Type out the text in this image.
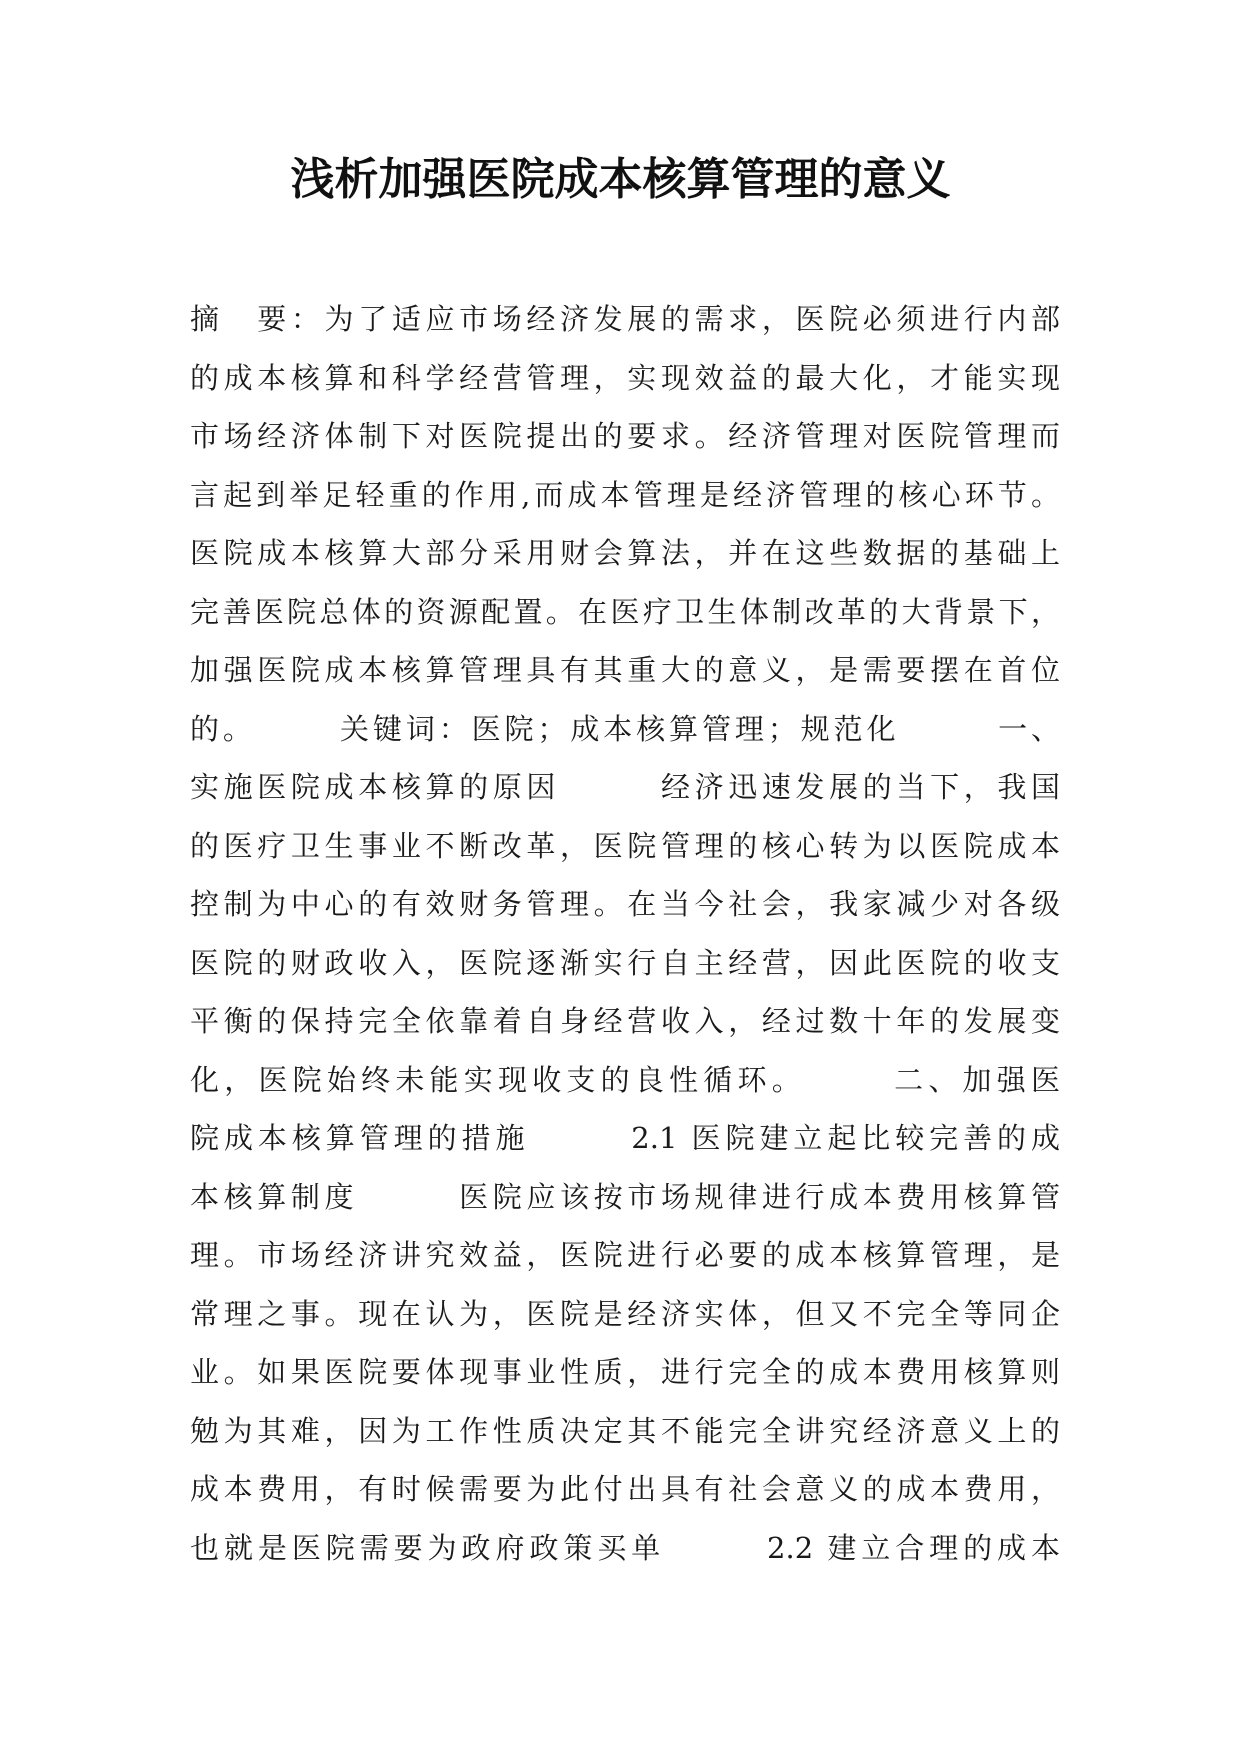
浅析加强医院成本核算管理的意义
摘　要：为了适应市场经济发展的需求，医院必须进行内部
的成本核算和科学经营管理，实现效益的最大化，才能实现
市场经济体制下对医院提出的要求。经济管理对医院管理而
言起到举足轻重的作用,而成本管理是经济管理的核心环节。
医院成本核算大部分采用财会算法，并在这些数据的基础上
完善医院总体的资源配置。在医疗卫生体制改革的大背景下，
加强医院成本核算管理具有其重大的意义，是需要摆在首位
的。　　　关键词：医院；成本核算管理；规范化　　　一、
实施医院成本核算的原因　　　经济迅速发展的当下，我国
的医疗卫生事业不断改革，医院管理的核心转为以医院成本
控制为中心的有效财务管理。在当今社会，我家减少对各级
医院的财政收入，医院逐渐实行自主经营，因此医院的收支
平衡的保持完全依靠着自身经营收入，经过数十年的发展变
化，医院始终未能实现收支的良性循环。　　　二、加强医
院成本核算管理的措施　　　2.1 医院建立起比较完善的成
本核算制度　　　医院应该按市场规律进行成本费用核算管
理。市场经济讲究效益，医院进行必要的成本核算管理，是
常理之事。现在认为，医院是经济实体，但又不完全等同企
业。如果医院要体现事业性质，进行完全的成本费用核算则
勉为其难，因为工作性质决定其不能完全讲究经济意义上的
成本费用，有时候需要为此付出具有社会意义的成本费用，
也就是医院需要为政府政策买单　　　2.2 建立合理的成本
